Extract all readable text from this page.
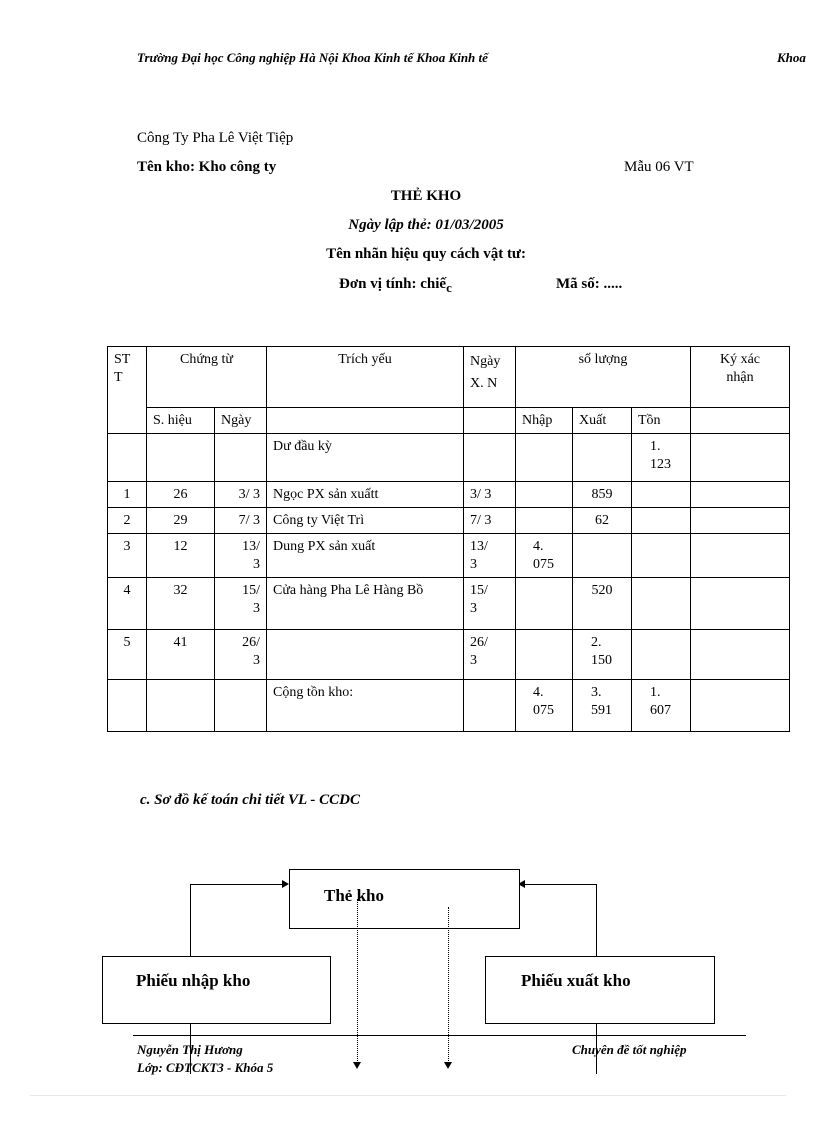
Trường Đại học Công nghiệp Hà Nội Khoa Kinh tế Khoa Kinh tế	Khoa
Công Ty Pha Lê Việt Tiệp
Tên kho: Kho công ty	Mẫu 06 VT
THẺ KHO
Ngày lập thẻ: 01/03/2005
Tên nhãn hiệu quy cách vật tư:
Đơn vị tính: chiếc	Mã số: .....
ST T	Chứng từ		Trích yếu	Ngày X. N	số lượng			Ký xác nhận

	S. hiệu	Ngày			Nhập	Xuất	Tồn	
			Dư đầu kỳ				1. 123	

1	26	3/ 3	Ngọc PX sản xuấtt	3/ 3		859		
2	29	7/ 3	Công ty Việt Trì	7/ 3		62		
3	12	13/ 3	Dung PX sản xuất	13/ 3	4. 075			

4	32	15/ 3	Cửa hàng Pha Lê Hàng Bồ	15/ 3		520		
5	41	26/ 3		26/ 3		2. 150		

			Cộng tồn kho:		4. 075	3. 591	1. 607	

c. Sơ đồ kế toán chi tiết VL - CCDC
Thẻ kho
Phiếu nhập kho	Phiếu xuất kho
Nguyễn Thị Hương
Lớp: CĐTCKT3 - Khóa 5
Chuyên đề tốt nghiệp
